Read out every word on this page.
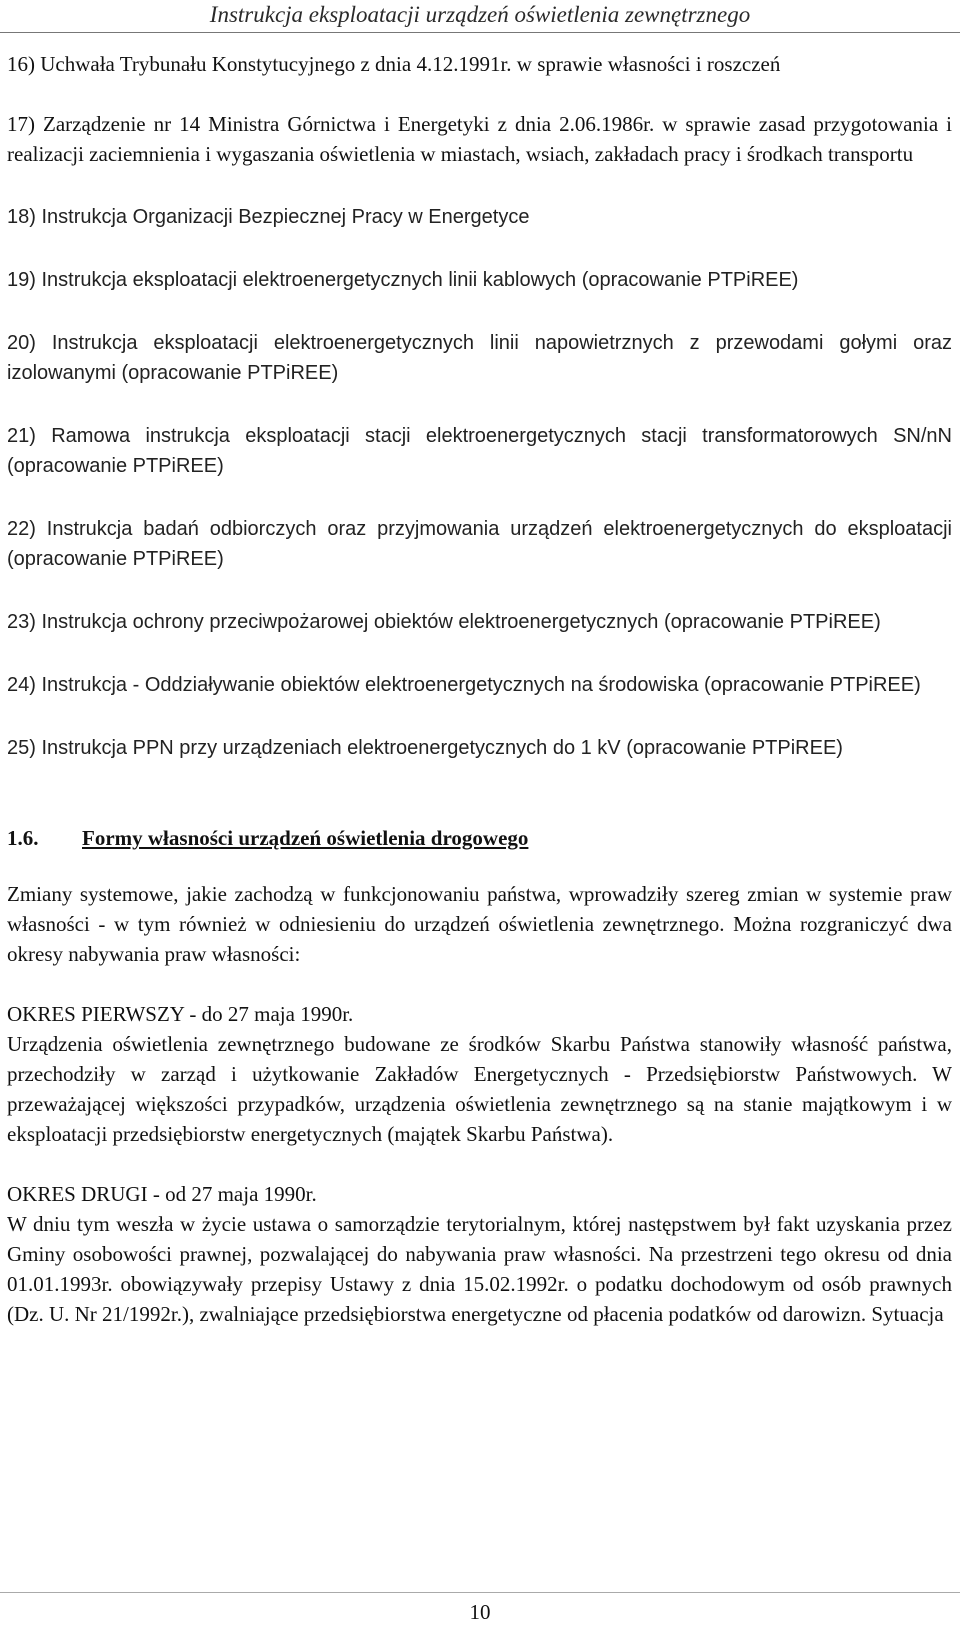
Instrukcja eksploatacji urządzeń oświetlenia zewnętrznego

16) Uchwała Trybunału Konstytucyjnego z dnia 4.12.1991r. w sprawie własności i roszczeń

17) Zarządzenie nr 14 Ministra Górnictwa i Energetyki z dnia 2.06.1986r. w sprawie zasad przygotowania i realizacji zaciemnienia i wygaszania oświetlenia w miastach, wsiach, zakładach pracy i środkach transportu

18) Instrukcja Organizacji Bezpiecznej Pracy w Energetyce

19) Instrukcja eksploatacji elektroenergetycznych linii kablowych (opracowanie PTPiREE)

20) Instrukcja eksploatacji elektroenergetycznych linii napowietrznych z przewodami gołymi oraz izolowanymi (opracowanie PTPiREE)

21) Ramowa instrukcja eksploatacji stacji elektroenergetycznych stacji transformatorowych SN/nN (opracowanie PTPiREE)

22) Instrukcja badań odbiorczych oraz przyjmowania urządzeń elektroenergetycznych do eksploatacji (opracowanie PTPiREE)

23) Instrukcja ochrony przeciwpożarowej obiektów elektroenergetycznych (opracowanie PTPiREE)

24) Instrukcja - Oddziaływanie obiektów elektroenergetycznych na środowiska (opracowanie PTPiREE)

25) Instrukcja PPN przy urządzeniach elektroenergetycznych do 1 kV (opracowanie PTPiREE)

1.6. Formy własności urządzeń oświetlenia drogowego

Zmiany systemowe, jakie zachodzą w funkcjonowaniu państwa, wprowadziły szereg zmian w systemie praw własności - w tym również w odniesieniu do urządzeń oświetlenia zewnętrznego. Można rozgraniczyć dwa okresy nabywania praw własności:

OKRES PIERWSZY - do 27 maja 1990r.

Urządzenia oświetlenia zewnętrznego budowane ze środków Skarbu Państwa stanowiły własność państwa, przechodziły w zarząd i użytkowanie Zakładów Energetycznych - Przedsiębiorstw Państwowych. W przeważającej większości przypadków, urządzenia oświetlenia zewnętrznego są na stanie majątkowym i w eksploatacji przedsiębiorstw energetycznych (majątek Skarbu Państwa).

OKRES DRUGI - od 27 maja 1990r.

W dniu tym weszła w życie ustawa o samorządzie terytorialnym, której następstwem był fakt uzyskania przez Gminy osobowości prawnej, pozwalającej do nabywania praw własności. Na przestrzeni tego okresu od dnia 01.01.1993r. obowiązywały przepisy Ustawy z dnia 15.02.1992r. o podatku dochodowym od osób prawnych (Dz. U. Nr 21/1992r.), zwalniające przedsiębiorstwa energetyczne od płacenia podatków od darowizn. Sytuacja

10
